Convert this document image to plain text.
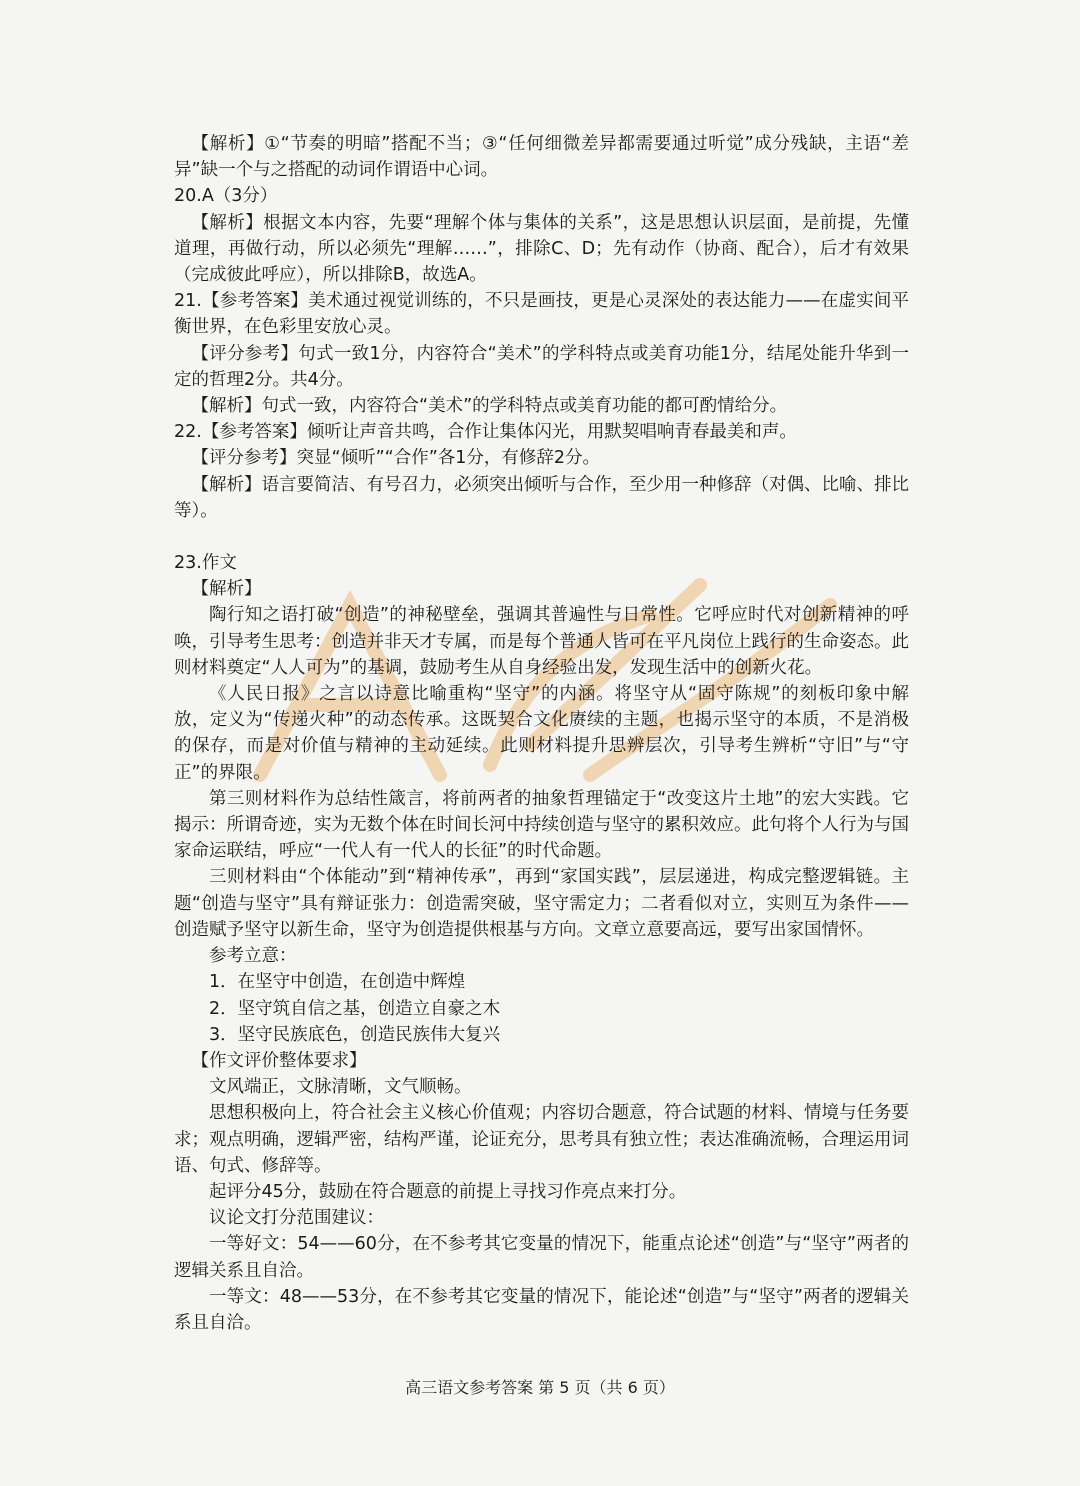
【解析】①“节奏的明暗”搭配不当；③“任何细微差异都需要通过听觉”成分残缺，主语“差异”缺一个与之搭配的动词作谓语中心词。

20.A（3分）

【解析】根据文本内容，先要“理解个体与集体的关系”，这是思想认识层面，是前提，先懂道理，再做行动，所以必须先“理解……”，排除C、D；先有动作（协商、配合），后才有效果（完成彼此呼应），所以排除B，故选A。

21.【参考答案】美术通过视觉训练的，不只是画技，更是心灵深处的表达能力——在虚实间平衡世界，在色彩里安放心灵。

【评分参考】句式一致1分，内容符合“美术”的学科特点或美育功能1分，结尾处能升华到一定的哲理2分。共4分。

【解析】句式一致，内容符合“美术”的学科特点或美育功能的都可酌情给分。

22.【参考答案】倾听让声音共鸣，合作让集体闪光，用默契唱响青春最美和声。

【评分参考】突显“倾听”“合作”各1分，有修辞2分。

【解析】语言要简洁、有号召力，必须突出倾听与合作，至少用一种修辞（对偶、比喻、排比等）。

23.作文

【解析】

陶行知之语打破“创造”的神秘壁垒，强调其普遍性与日常性。它呼应时代对创新精神的呼唤，引导考生思考：创造并非天才专属，而是每个普通人皆可在平凡岗位上践行的生命姿态。此则材料奠定“人人可为”的基调，鼓励考生从自身经验出发，发现生活中的创新火花。

《人民日报》之言以诗意比喻重构“坚守”的内涵。将坚守从“固守陈规”的刻板印象中解放，定义为“传递火种”的动态传承。这既契合文化赓续的主题，也揭示坚守的本质，不是消极的保存，而是对价值与精神的主动延续。此则材料提升思辨层次，引导考生辨析“守旧”与“守正”的界限。

第三则材料作为总结性箴言，将前两者的抽象哲理锚定于“改变这片土地”的宏大实践。它揭示：所谓奇迹，实为无数个体在时间长河中持续创造与坚守的累积效应。此句将个人行为与国家命运联结，呼应“一代人有一代人的长征”的时代命题。

三则材料由“个体能动”到“精神传承”，再到“家国实践”，层层递进，构成完整逻辑链。主题“创造与坚守”具有辩证张力：创造需突破，坚守需定力；二者看似对立，实则互为条件——创造赋予坚守以新生命，坚守为创造提供根基与方向。文章立意要高远，要写出家国情怀。

参考立意：

1．在坚守中创造，在创造中辉煌

2．坚守筑自信之基，创造立自豪之木

3．坚守民族底色，创造民族伟大复兴

【作文评价整体要求】

文风端正，文脉清晰，文气顺畅。

思想积极向上，符合社会主义核心价值观；内容切合题意，符合试题的材料、情境与任务要求；观点明确，逻辑严密，结构严谨，论证充分，思考具有独立性；表达准确流畅，合理运用词语、句式、修辞等。

起评分45分，鼓励在符合题意的前提上寻找习作亮点来打分。

议论文打分范围建议：

一等好文：54——60分，在不参考其它变量的情况下，能重点论述“创造”与“坚守”两者的逻辑关系且自洽。

一等文：48——53分，在不参考其它变量的情况下，能论述“创造”与“坚守”两者的逻辑关系且自洽。

高三语文参考答案 第 5 页（共 6 页）
